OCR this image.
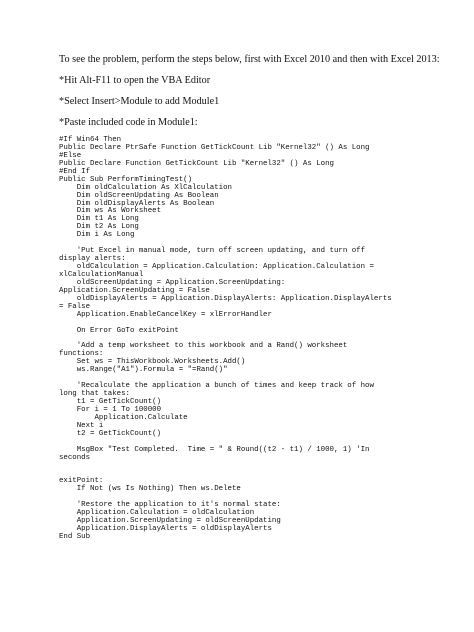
To see the problem, perform the steps below, first with Excel 2010 and then with Excel 2013:
*Hit Alt-F11 to open the VBA Editor
*Select Insert>Module to add Module1
*Paste included code in Module1:
#If Win64 Then
Public Declare PtrSafe Function GetTickCount Lib "Kernel32" () As Long
#Else
Public Declare Function GetTickCount Lib "Kernel32" () As Long
#End If
Public Sub PerformTimingTest()
Dim oldCalculation As XlCalculation
Dim oldScreenUpdating As Boolean
Dim oldDisplayAlerts As Boolean
Dim ws As Worksheet
Dim t1 As Long
Dim t2 As Long
Dim i As Long

'Put Excel in manual mode, turn off screen updating, and turn off
display alerts:
oldCalculation = Application.Calculation: Application.Calculation =
xlCalculationManual
oldScreenUpdating = Application.ScreenUpdating:
Application.ScreenUpdating = False
oldDisplayAlerts = Application.DisplayAlerts: Application.DisplayAlerts
= False
Application.EnableCancelKey = xlErrorHandler

On Error GoTo exitPoint

'Add a temp worksheet to this workbook and a Rand() worksheet
functions:
Set ws = ThisWorkbook.Worksheets.Add()
ws.Range("A1").Formula = "=Rand()"

'Recalculate the application a bunch of times and keep track of how
long that takes:
t1 = GetTickCount()
For i = 1 To 100000
Application.Calculate
Next i
t2 = GetTickCount()

MsgBox "Test Completed.  Time = " & Round((t2 - t1) / 1000, 1) 'In
seconds

exitPoint:
If Not (ws Is Nothing) Then ws.Delete

'Restore the application to it's normal state:
Application.Calculation = oldCalculation
Application.ScreenUpdating = oldScreenUpdating
Application.DisplayAlerts = oldDisplayAlerts
End Sub
